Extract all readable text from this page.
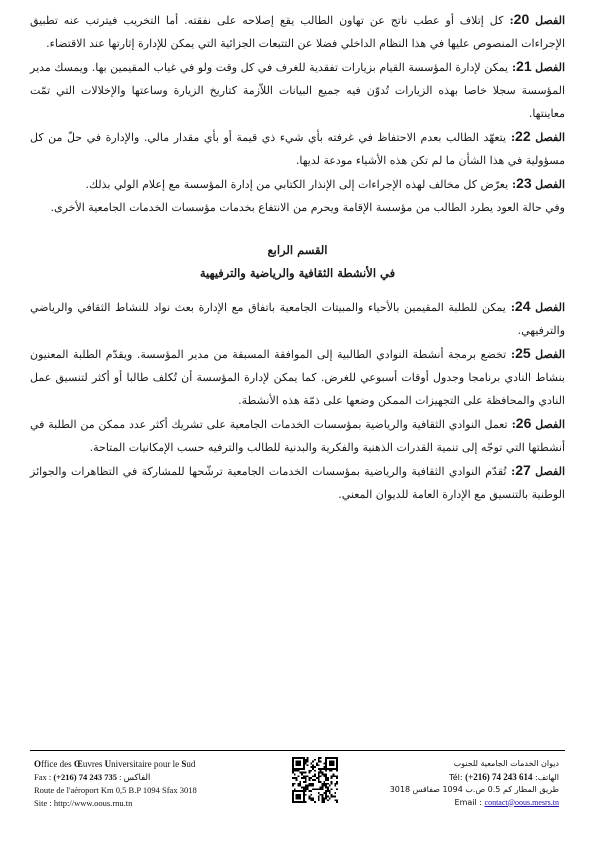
الفصل 20: كل إتلاف أو عطب ناتج عن تهاون الطالب يقع إصلاحه على نفقته. أما التخريب فيترتب عنه تطبيق الإجراءات المنصوص عليها في هذا النظام الداخلي فضلا عن التتبعات الجزائية التي يمكن للإدارة إثارتها عند الاقتضاء.
الفصل 21: يمكن لإدارة المؤسسة القيام بزيارات تفقدية للغرف في كل وقت ولو في غياب المقيمين بها. ويمسك مدير المؤسسة سجلا خاصا بهذه الزيارات تُدوّن فيه جميع البيانات اللاّزمة كتاريخ الزيارة وساعتها والإخلالات التي تمّت معاينتها.
الفصل 22: يتعهّد الطالب بعدم الاحتفاظ في غرفته بأي شيء ذي قيمة أو بأي مقدار مالي. والإدارة في حلّ من كل مسؤولية في هذا الشأن ما لم تكن هذه الأشياء مودعة لديها.
الفصل 23: يعرّض كل مخالف لهذه الإجراءات إلى الإنذار الكتابي من إدارة المؤسسة مع إعلام الولي بذلك.
وفي حالة العود يطرد الطالب من مؤسسة الإقامة ويحرم من الانتفاع بخدمات مؤسسات الخدمات الجامعية الأخرى.
القسم الرابع
في الأنشطة الثقافية والرياضية والترفيهية
الفصل 24: يمكن للطلبة المقيمين بالأحياء والمبيتات الجامعية باتفاق مع الإدارة بعث نواد للنشاط الثقافي والرياضي والترفيهي.
الفصل 25: تخضع برمجة أنشطة النوادي الطالبية إلى الموافقة المسبقة من مدير المؤسسة. ويقدّم الطلبة المعنيون بنشاط النادي برنامجا وجدول أوقات أسبوعي للغرض. كما يمكن لإدارة المؤسسة أن تُكلف طالبا أو أكثر لتنسيق عمل النادي والمحافظة على التجهيزات الممكن وضعها على ذمّة هذه الأنشطة.
الفصل 26: تعمل النوادي الثقافية والرياضية بمؤسسات الخدمات الجامعية على تشريك أكثر عدد ممكن من الطلبة في أنشطتها التي توجّه إلى تنمية القدرات الذهنية والفكرية والبدنية للطالب والترفيه حسب الإمكانيات المتاحة.
الفصل 27: تُقدّم النوادي الثقافية والرياضية بمؤسسات الخدمات الجامعية ترشّحها للمشاركة في التظاهرات والجوائز الوطنية بالتنسيق مع الإدارة العامة للديوان المعني.
Office des Œuvres Universitaire pour le Sud
Fax : (+216) 74 243 735 : الفاكس
Route de l'aéroport Km 0,5 B.P 1094 Sfax 3018
Site : http://www.oous.rnu.tn
ديوان الخدمات الجامعية للجنوب
الهاتف: Tél: (+216) 74 243 614
طريق المطار كم 0.5 ص.ب 1094 صفاقس 3018
Email : contact@oous.mesrs.tn
